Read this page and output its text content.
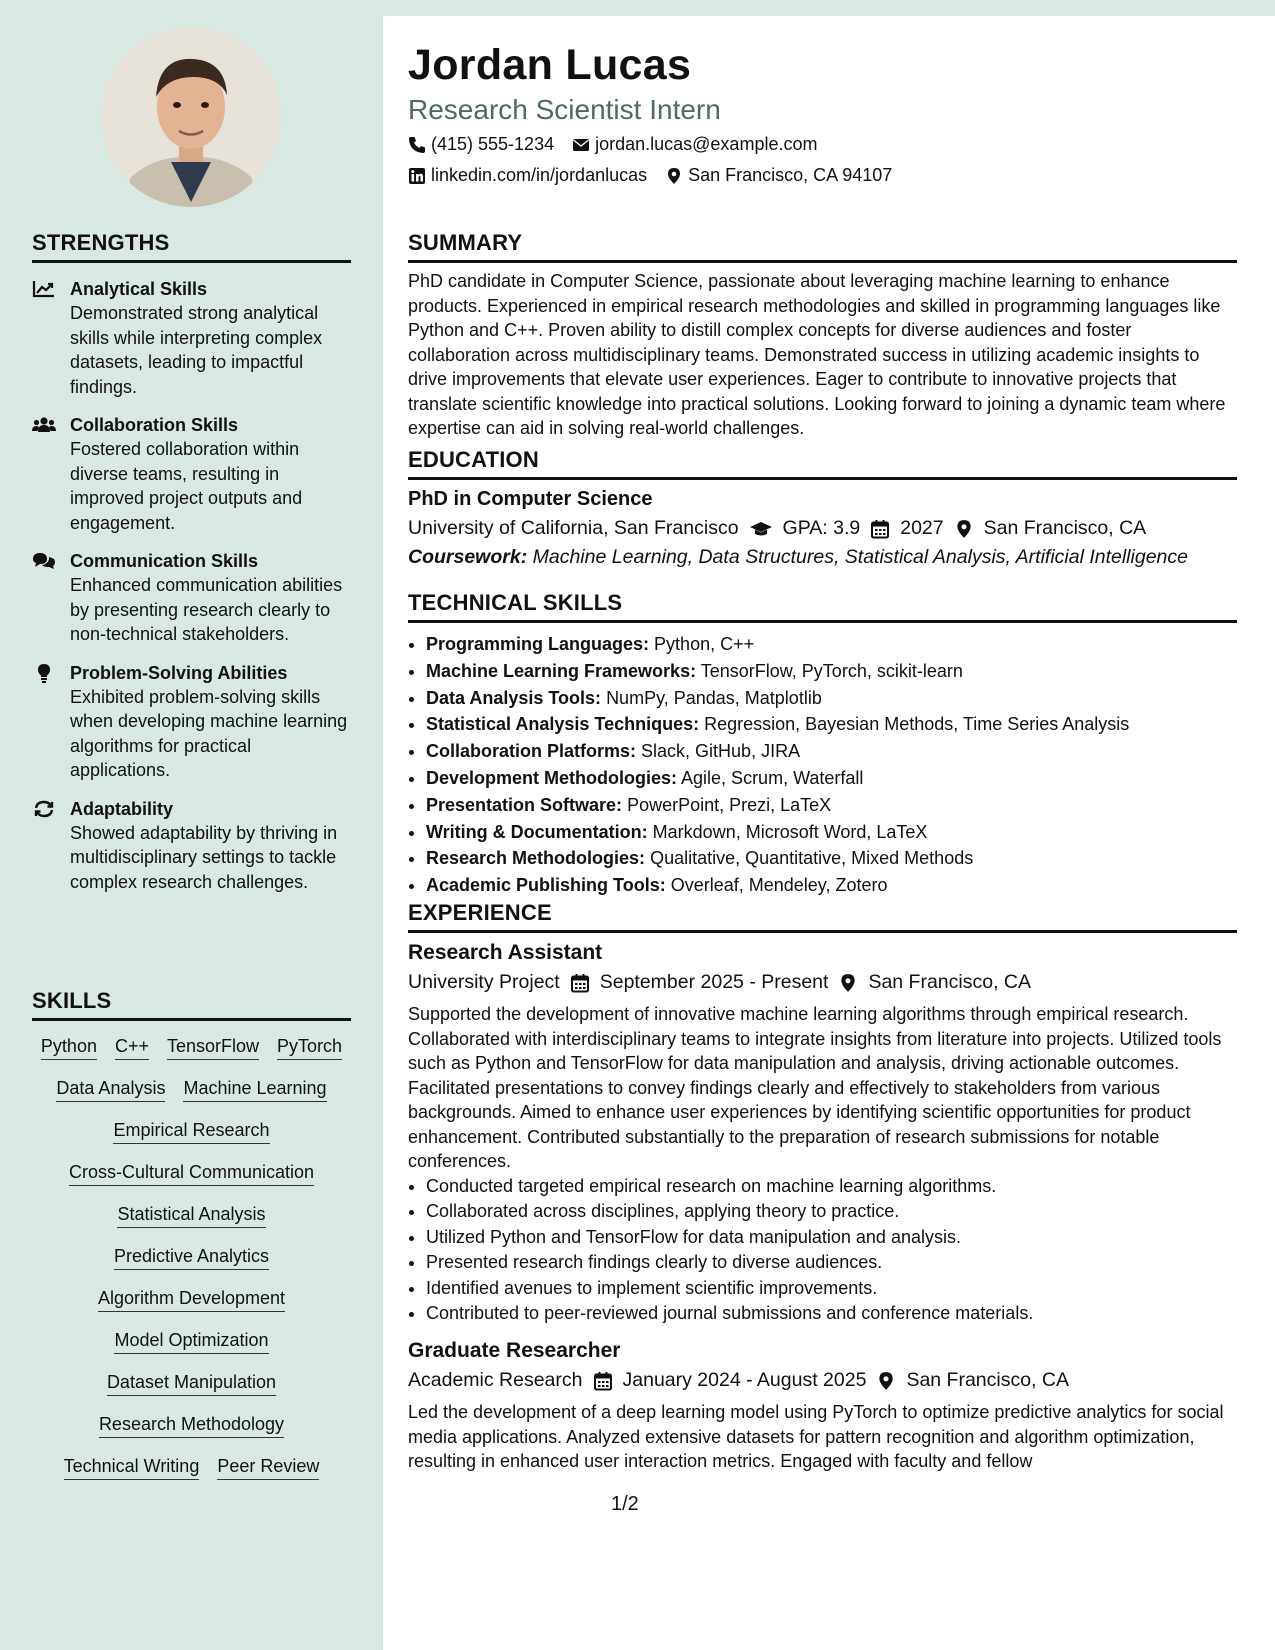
STRENGTHS
Analytical Skills
Demonstrated strong analytical skills while interpreting complex datasets, leading to impactful findings.
Collaboration Skills
Fostered collaboration within diverse teams, resulting in improved project outputs and engagement.
Communication Skills
Enhanced communication abilities by presenting research clearly to non-technical stakeholders.
Problem-Solving Abilities
Exhibited problem-solving skills when developing machine learning algorithms for practical applications.
Adaptability
Showed adaptability by thriving in multidisciplinary settings to tackle complex research challenges.
SKILLS
Python C++ TensorFlow PyTorch
Data Analysis Machine Learning
Empirical Research
Cross-Cultural Communication
Statistical Analysis
Predictive Analytics
Algorithm Development
Model Optimization
Dataset Manipulation
Research Methodology
Technical Writing Peer Review
Jordan Lucas
Research Scientist Intern
(415) 555-1234 jordan.lucas@example.com
linkedin.com/in/jordanlucas San Francisco, CA 94107
SUMMARY
PhD candidate in Computer Science, passionate about leveraging machine learning to enhance products. Experienced in empirical research methodologies and skilled in programming languages like Python and C++. Proven ability to distill complex concepts for diverse audiences and foster collaboration across multidisciplinary teams. Demonstrated success in utilizing academic insights to drive improvements that elevate user experiences. Eager to contribute to innovative projects that translate scientific knowledge into practical solutions. Looking forward to joining a dynamic team where expertise can aid in solving real-world challenges.
EDUCATION
PhD in Computer Science
University of California, San Francisco GPA: 3.9 2027 San Francisco, CA
Coursework: Machine Learning, Data Structures, Statistical Analysis, Artificial Intelligence
TECHNICAL SKILLS
• Programming Languages: Python, C++
• Machine Learning Frameworks: TensorFlow, PyTorch, scikit-learn
• Data Analysis Tools: NumPy, Pandas, Matplotlib
• Statistical Analysis Techniques: Regression, Bayesian Methods, Time Series Analysis
• Collaboration Platforms: Slack, GitHub, JIRA
• Development Methodologies: Agile, Scrum, Waterfall
• Presentation Software: PowerPoint, Prezi, LaTeX
• Writing & Documentation: Markdown, Microsoft Word, LaTeX
• Research Methodologies: Qualitative, Quantitative, Mixed Methods
• Academic Publishing Tools: Overleaf, Mendeley, Zotero
EXPERIENCE
Research Assistant
University Project September 2025 - Present San Francisco, CA
Supported the development of innovative machine learning algorithms through empirical research. Collaborated with interdisciplinary teams to integrate insights from literature into projects. Utilized tools such as Python and TensorFlow for data manipulation and analysis, driving actionable outcomes. Facilitated presentations to convey findings clearly and effectively to stakeholders from various backgrounds. Aimed to enhance user experiences by identifying scientific opportunities for product enhancement. Contributed substantially to the preparation of research submissions for notable conferences.
• Conducted targeted empirical research on machine learning algorithms.
• Collaborated across disciplines, applying theory to practice.
• Utilized Python and TensorFlow for data manipulation and analysis.
• Presented research findings clearly to diverse audiences.
• Identified avenues to implement scientific improvements.
• Contributed to peer-reviewed journal submissions and conference materials.
Graduate Researcher
Academic Research January 2024 - August 2025 San Francisco, CA
Led the development of a deep learning model using PyTorch to optimize predictive analytics for social media applications. Analyzed extensive datasets for pattern recognition and algorithm optimization, resulting in enhanced user interaction metrics. Engaged with faculty and fellow
1/2
